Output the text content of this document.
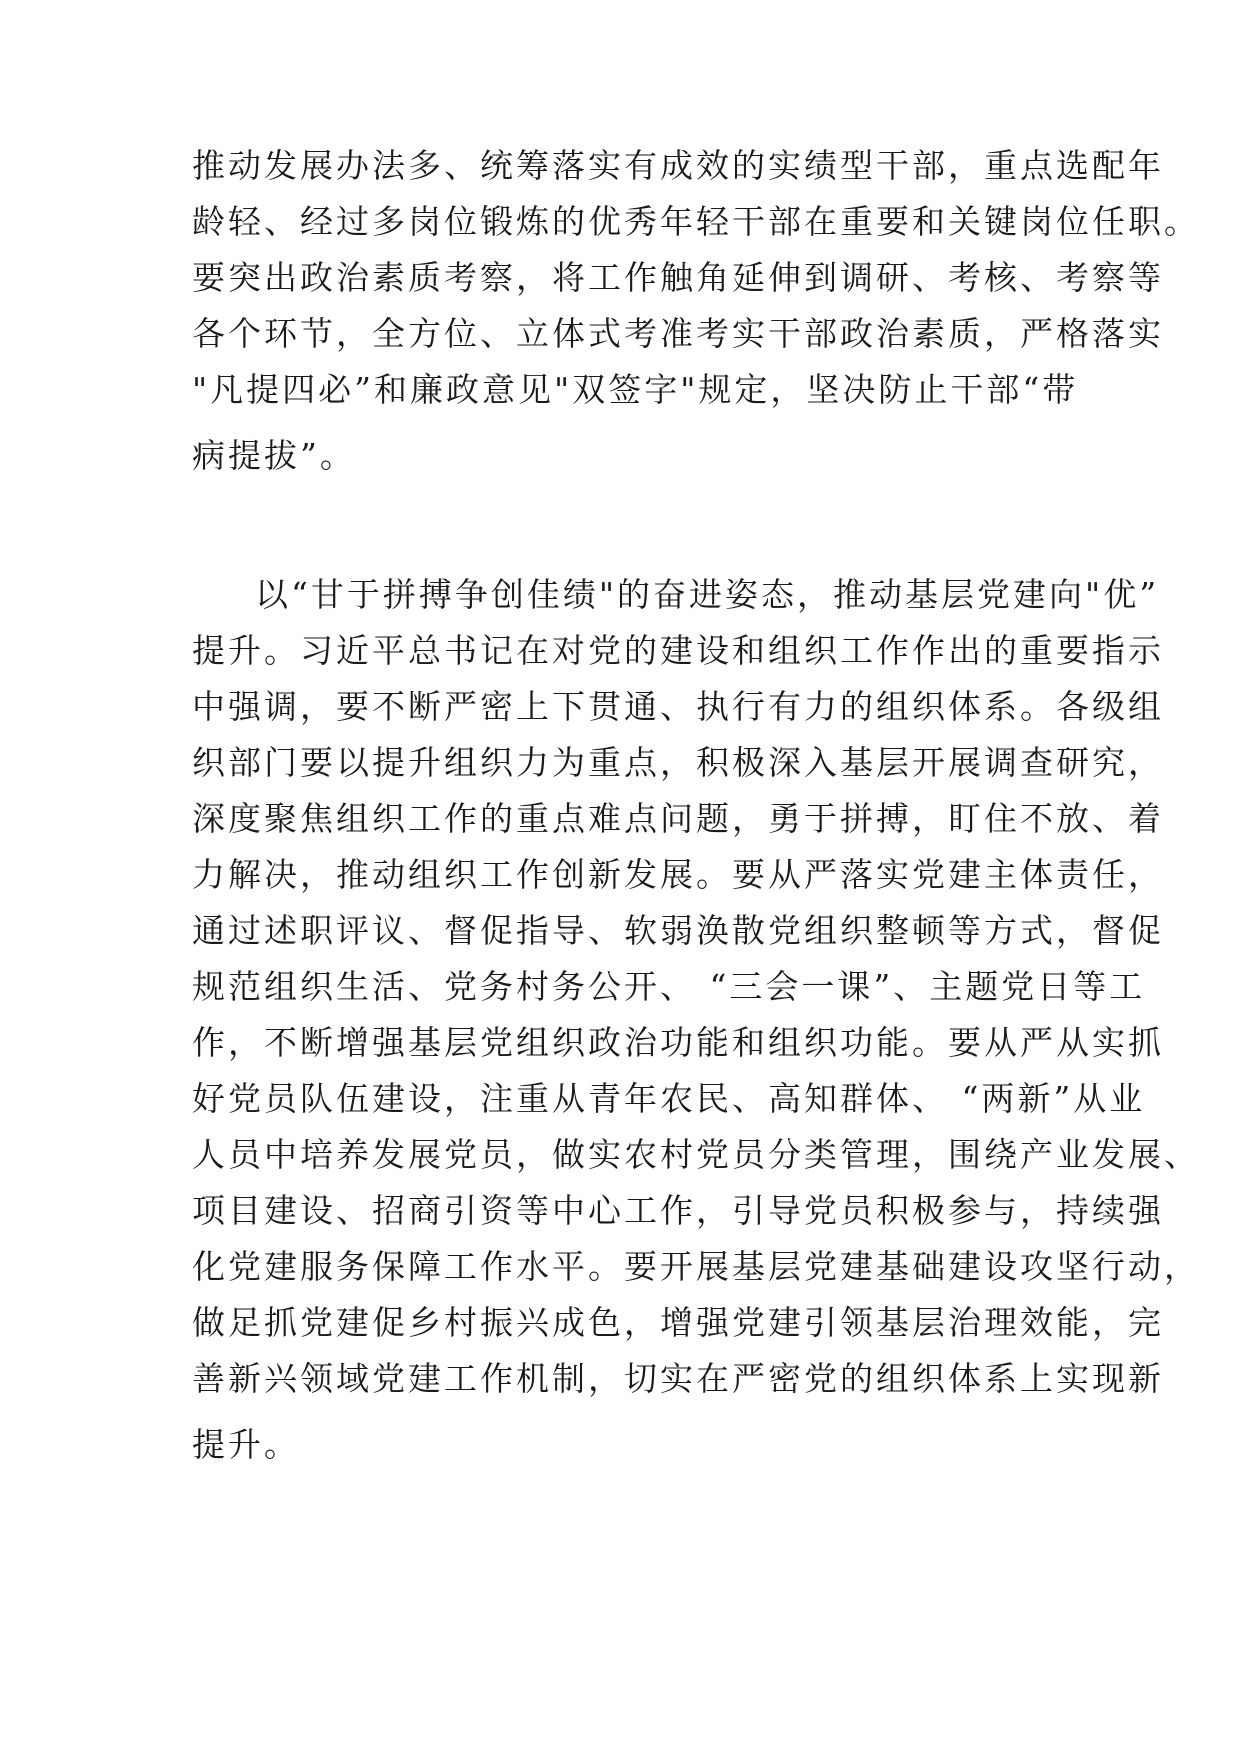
推动发展办法多、统筹落实有成效的实绩型干部，重点选配年
龄轻、经过多岗位锻炼的优秀年轻干部在重要和关键岗位任职。
要突出政治素质考察，将工作触角延伸到调研、考核、考察等
各个环节，全方位、立体式考准考实干部政治素质，严格落实
"凡提四必”和廉政意见"双签字"规定，坚决防止干部“带
病提拔”。
以“甘于拼搏争创佳绩"的奋进姿态，推动基层党建向"优”
提升。习近平总书记在对党的建设和组织工作作出的重要指示
中强调，要不断严密上下贯通、执行有力的组织体系。各级组
织部门要以提升组织力为重点，积极深入基层开展调查研究，
深度聚焦组织工作的重点难点问题，勇于拼搏，盯住不放、着
力解决，推动组织工作创新发展。要从严落实党建主体责任，
通过述职评议、督促指导、软弱涣散党组织整顿等方式，督促
规范组织生活、党务村务公开、 “三会一课”、主题党日等工
作，不断增强基层党组织政治功能和组织功能。要从严从实抓
好党员队伍建设，注重从青年农民、高知群体、 “两新”从业
人员中培养发展党员，做实农村党员分类管理，围绕产业发展、
项目建设、招商引资等中心工作，引导党员积极参与，持续强
化党建服务保障工作水平。要开展基层党建基础建设攻坚行动，
做足抓党建促乡村振兴成色，增强党建引领基层治理效能，完
善新兴领域党建工作机制，切实在严密党的组织体系上实现新
提升。
